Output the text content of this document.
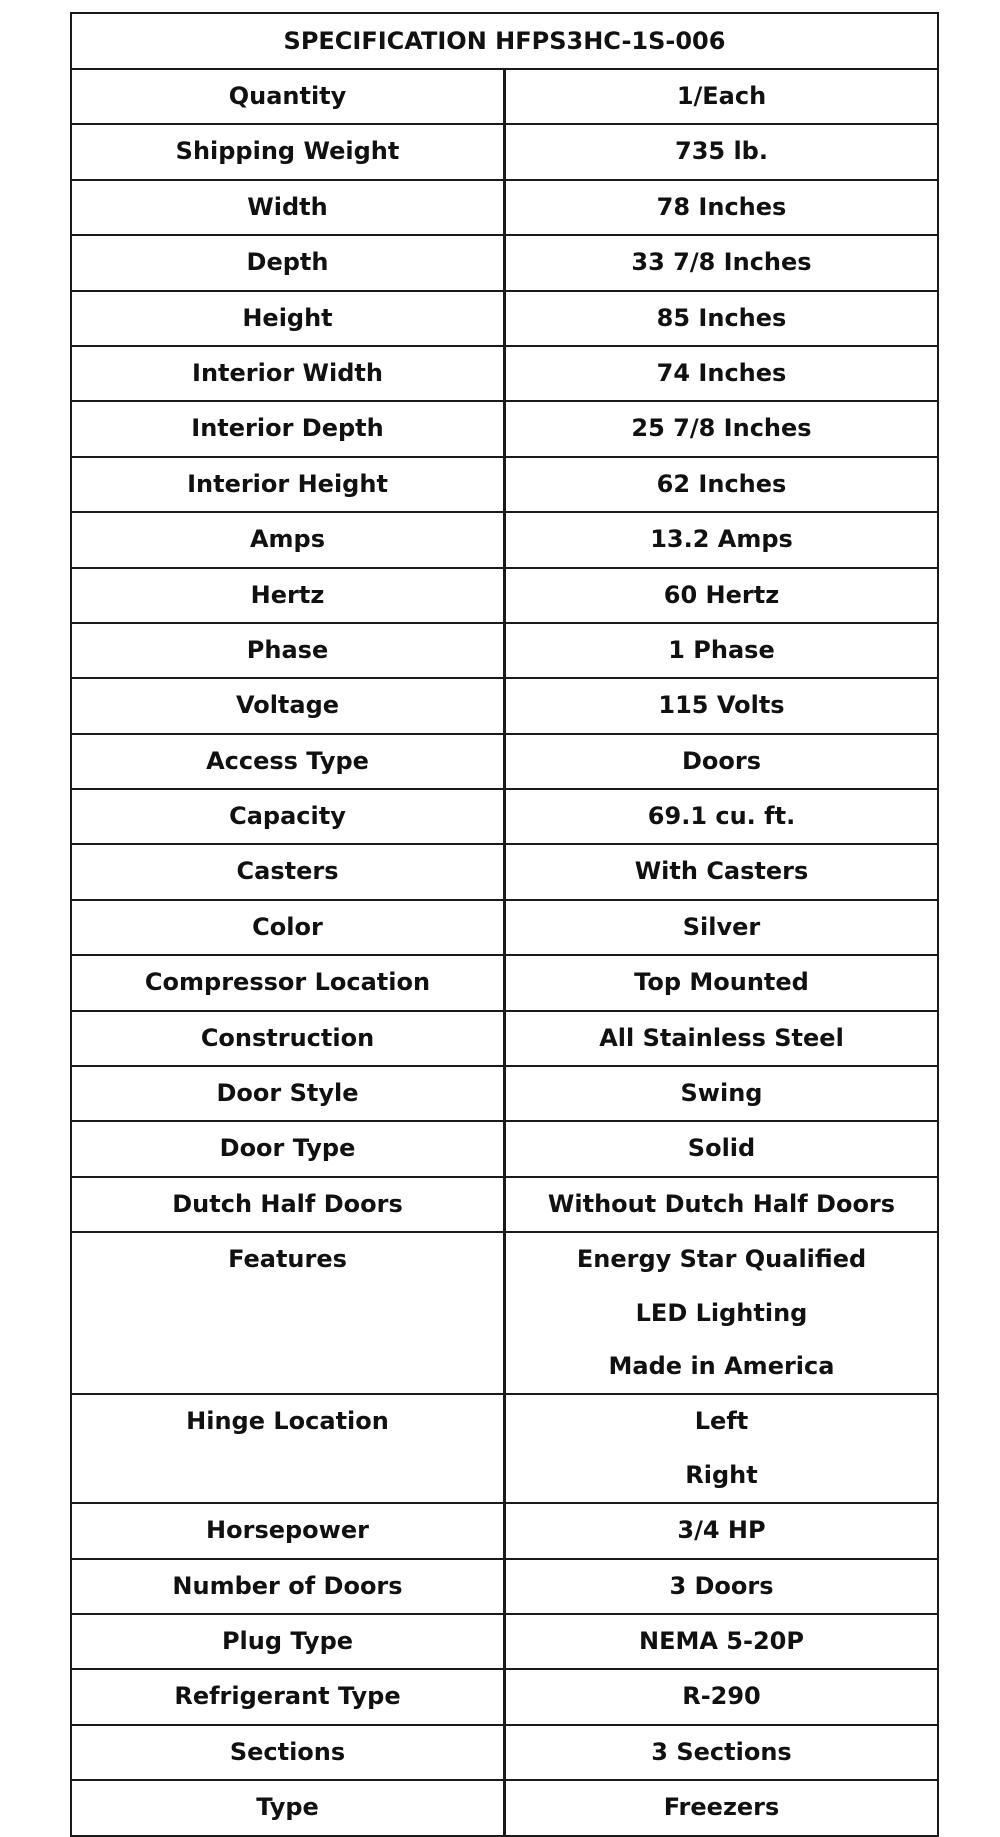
SPECIFICATION HFPS3HC-1S-006	

Quantity	1/Each

Shipping Weight	735 lb.

Width	78 Inches

Depth	33 7/8 Inches

Height	85 Inches

Interior Width	74 Inches

Interior Depth	25 7/8 Inches

Interior Height	62 Inches

Amps	13.2 Amps

Hertz	60 Hertz

Phase	1 Phase

Voltage	115 Volts

Access Type	Doors

Capacity	69.1 cu. ft.

Casters	With Casters

Color	Silver

Compressor Location	Top Mounted

Construction	All Stainless Steel

Door Style	Swing

Door Type	Solid

Dutch Half Doors	Without Dutch Half Doors

Features	Energy Star Qualified
LED Lighting
Made in America

Hinge Location	Left
Right

Horsepower	3/4 HP

Number of Doors	3 Doors

Plug Type	NEMA 5-20P

Refrigerant Type	R-290

Sections	3 Sections

Type	Freezers
